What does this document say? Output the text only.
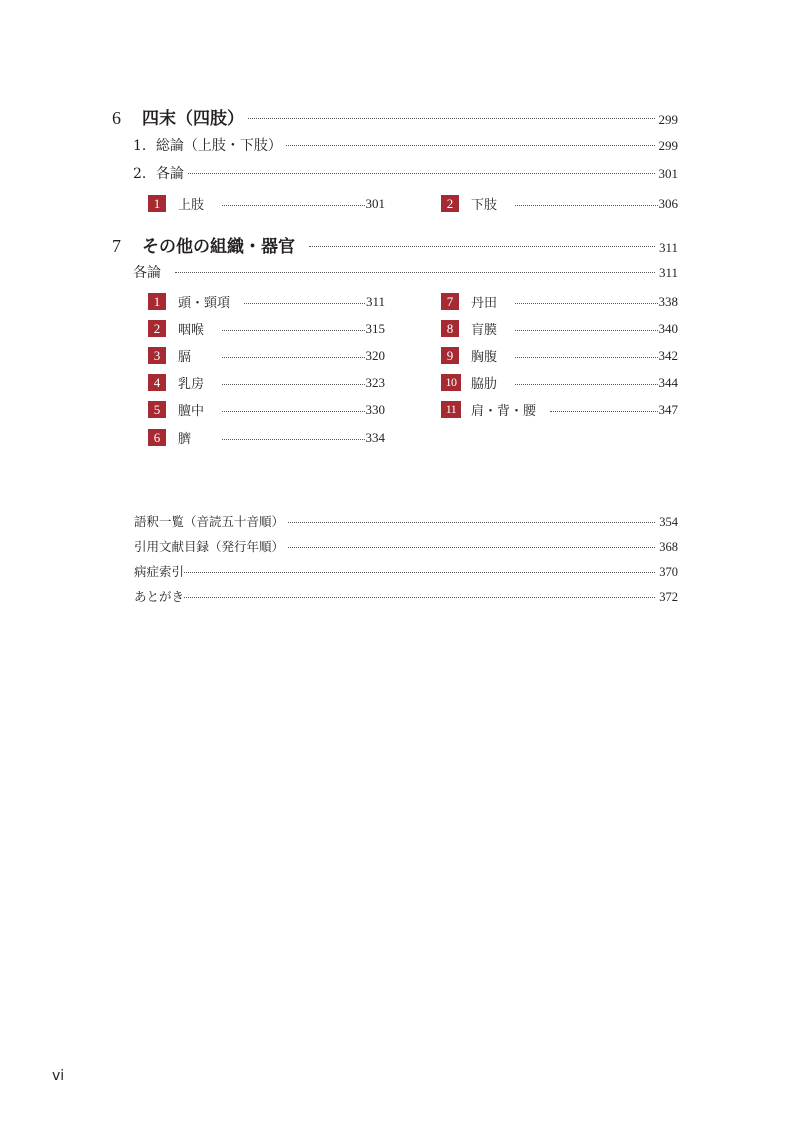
6	四末（四肢）	299
1．総論（上肢・下肢）	299
2．各論	301
1	上肢	301	2	下肢	306
7	その他の組織・器官	311
各論	311
1	頭・頸項	311
2	咽喉	315
3	膈	320
4	乳房	323
5	膻中	330
6	臍	334
7	丹田	338
8	肓膜	340
9	胸腹	342
10	脇肋	344
11	肩・背・腰	347
語釈一覧（音読五十音順）	354
引用文献目録（発行年順）	368
病症索引	370
あとがき	372
vi
